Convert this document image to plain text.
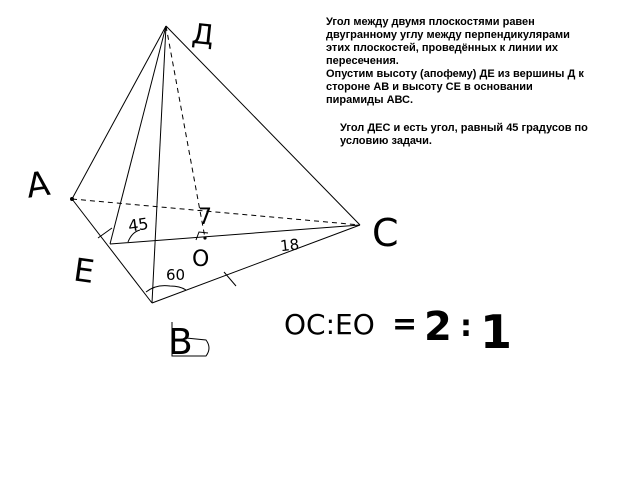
Д
А
В
С
Е	О
45
60
18
7
OC:EO = 2 : 1
Угол между двумя плоскостями равен двугранному углу между перпендикулярами этих плоскостей, проведённых к линии их пересечения.
Опустим высоту (апофему) ДЕ из вершины Д к стороне АВ и высоту СЕ в основании пирамиды АВС.
Угол ДЕС и есть угол, равный 45 градусов по условию задачи.
